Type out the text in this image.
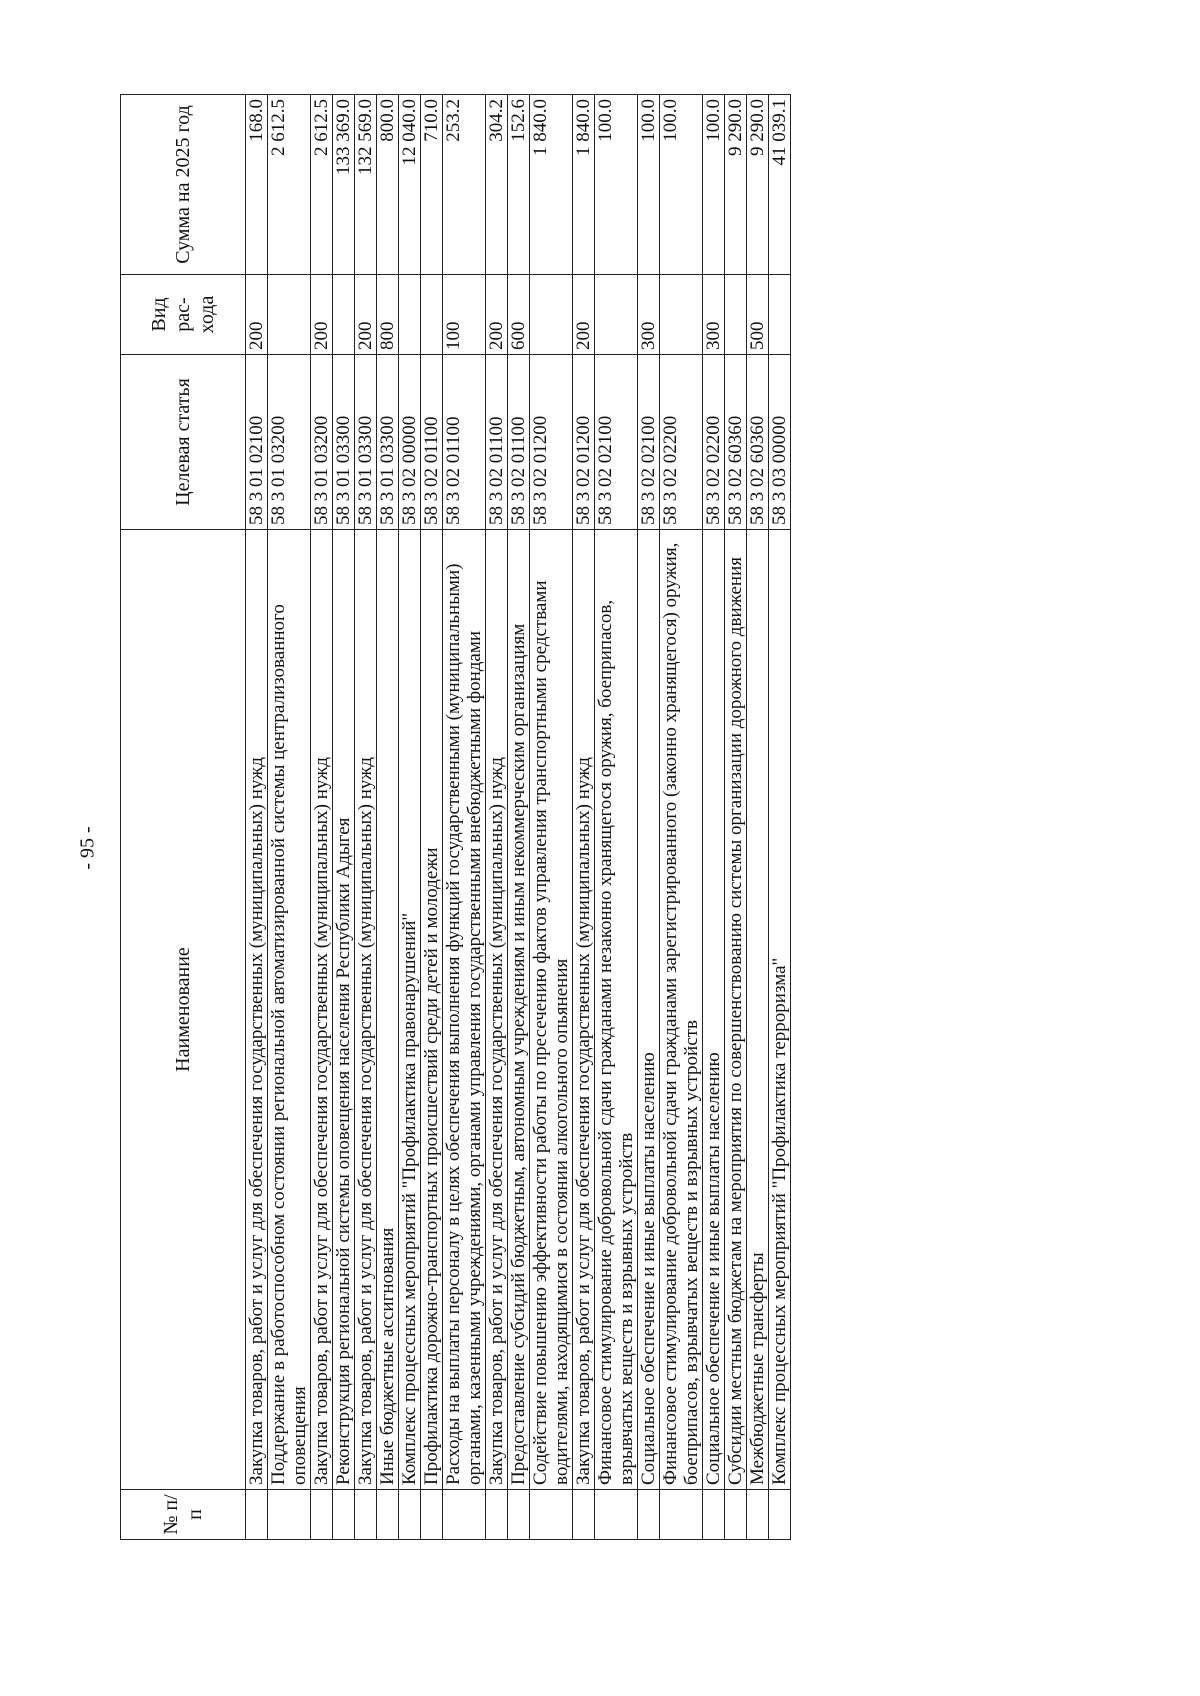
- 95 -
№ п/п	Наименование	Целевая статья	Вид рас-хода	Сумма на 2025 год
	Закупка товаров, работ и услуг для обеспечения государственных (муниципальных) нужд	58 3 01 02100	200	168.0
	Поддержание в работоспособном состоянии региональной автоматизированной системы централизованного оповещения	58 3 01 03200		2 612.5
	Закупка товаров, работ и услуг для обеспечения государственных (муниципальных) нужд	58 3 01 03200	200	2 612.5
	Реконструкция региональной системы оповещения населения Республики Адыгея	58 3 01 03300		133 369.0
	Закупка товаров, работ и услуг для обеспечения государственных (муниципальных) нужд	58 3 01 03300	200	132 569.0
	Иные бюджетные ассигнования	58 3 01 03300	800	800.0
	Комплекс процессных мероприятий "Профилактика правонарушений"	58 3 02 00000		12 040.0
	Профилактика дорожно-транспортных происшествий среди детей и молодежи	58 3 02 01100		710.0
	Расходы на выплаты персоналу в целях обеспечения выполнения функций государственными (муниципальными) органами, казенными учреждениями, органами управления государственными внебюджетными фондами	58 3 02 01100	100	253.2
	Закупка товаров, работ и услуг для обеспечения государственных (муниципальных) нужд	58 3 02 01100	200	304.2
	Предоставление субсидий бюджетным, автономным учреждениям и иным некоммерческим организациям	58 3 02 01100	600	152.6
	Содействие повышению эффективности работы по пресечению фактов управления транспортными средствами водителями, находящимися в состоянии алкогольного опьянения	58 3 02 01200		1 840.0
	Закупка товаров, работ и услуг для обеспечения государственных (муниципальных) нужд	58 3 02 01200	200	1 840.0
	Финансовое стимулирование добровольной сдачи гражданами незаконно хранящегося оружия, боеприпасов, взрывчатых веществ и взрывных устройств	58 3 02 02100		100.0
	Социальное обеспечение и иные выплаты населению	58 3 02 02100	300	100.0
	Финансовое стимулирование добровольной сдачи гражданами зарегистрированного (законно хранящегося) оружия, боеприпасов, взрывчатых веществ и взрывных устройств	58 3 02 02200		100.0
	Социальное обеспечение и иные выплаты населению	58 3 02 02200	300	100.0
	Субсидии местным бюджетам на мероприятия по совершенствованию системы организации дорожного движения	58 3 02 60360		9 290.0
	Межбюджетные трансферты	58 3 02 60360	500	9 290.0
	Комплекс процессных мероприятий "Профилактика терроризма"	58 3 03 00000		41 039.1
